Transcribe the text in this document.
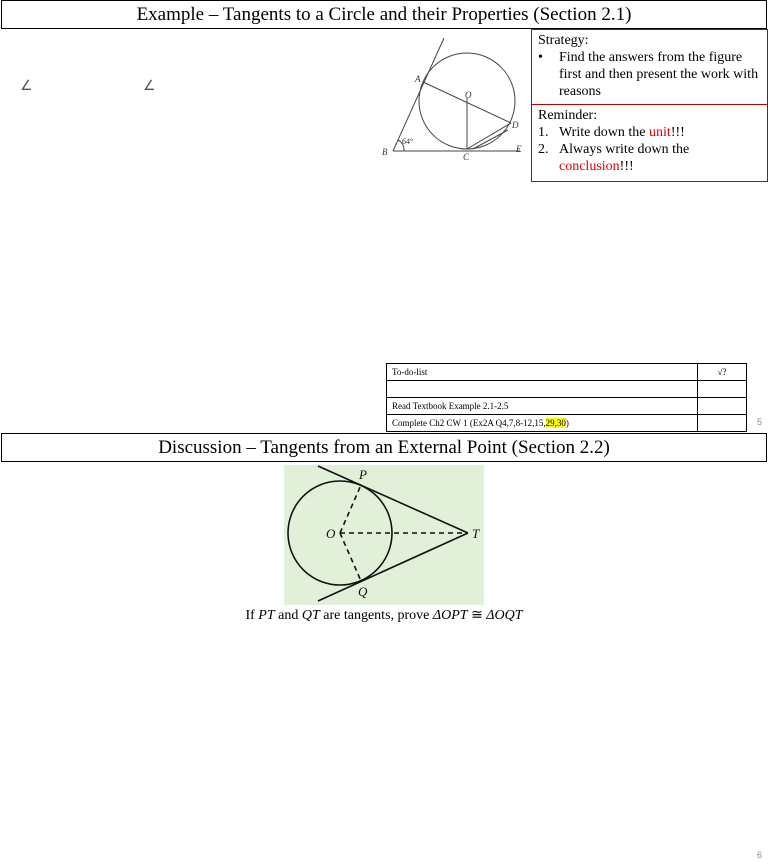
Example – Tangents to a Circle and their Properties (Section 2.1)
∠	∠	A
O
D
B	C
E
64°
Strategy:
•	Find the answers from the figure first and then present the work with reasons
Reminder:
1. Write down the unit!!!
2. Always write down the
conclusion!!!
To-do-list	√?

Read Textbook Example 2.1-2.5	
Complete Ch2 CW 1 (Ex2A Q4,7,8-12,15,29,30)		5
Discussion – Tangents from an External Point (Section 2.2)
P
O	T
Q
If PT and QT are tangents, prove ΔOPT ≅ ΔOQT
6
